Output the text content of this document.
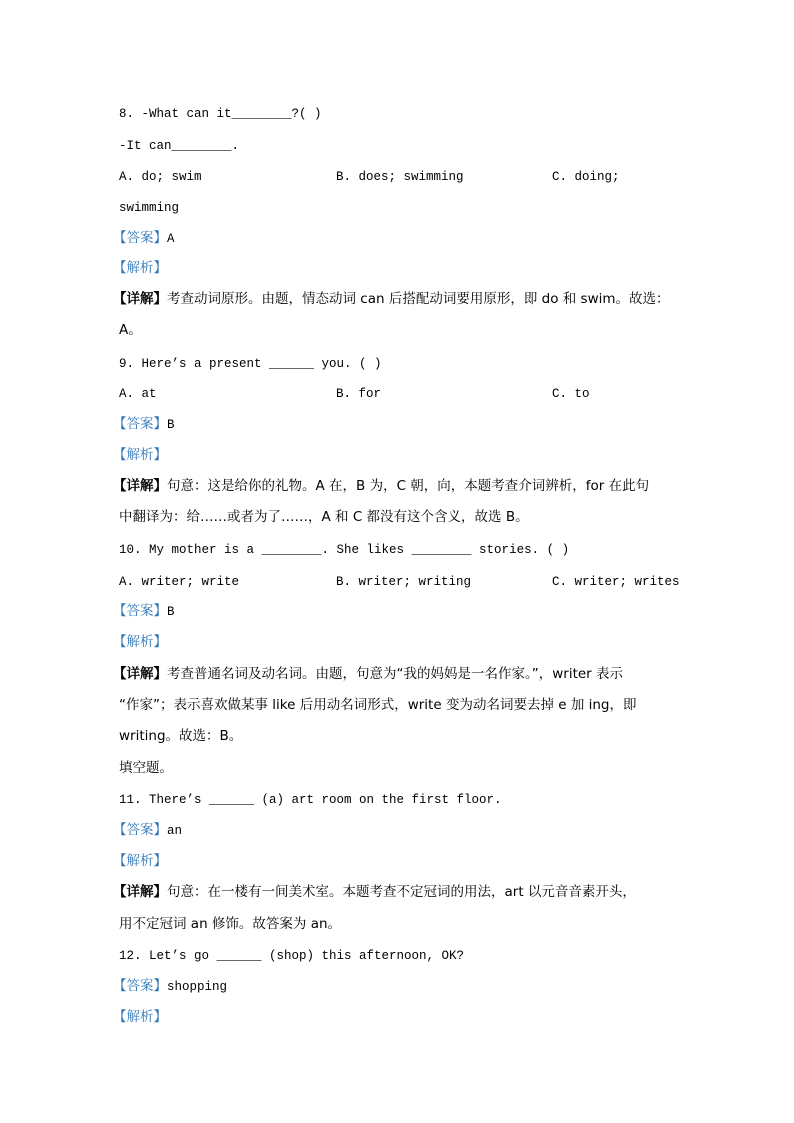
8. -What can it________?( )
-It can________.
A. do; swim	B. does; swimming	C. doing;
swimming
【答案】A
【解析】
【详解】考查动词原形。由题，情态动词 can 后搭配动词要用原形，即 do 和 swim。故选：
A。
9. Here’s a present ______ you. ( )
A. at	B. for	C. to
【答案】B
【解析】
【详解】句意：这是给你的礼物。A 在，B 为，C 朝，向，本题考查介词辨析，for 在此句
中翻译为：给……或者为了……，A 和 C 都没有这个含义，故选 B。
10. My mother is a ________. She likes ________ stories. ( )
A. writer; write	B. writer; writing	C. writer; writes
【答案】B
【解析】
【详解】考查普通名词及动名词。由题，句意为“我的妈妈是一名作家。”，writer 表示
“作家”；表示喜欢做某事 like 后用动名词形式，write 变为动名词要去掉 e 加 ing，即
writing。故选：B。
填空题。
11. There’s ______ (a) art room on the first floor.
【答案】an
【解析】
【详解】句意：在一楼有一间美术室。本题考查不定冠词的用法，art 以元音音素开头，
用不定冠词 an 修饰。故答案为 an。
12. Let’s go ______ (shop) this afternoon, OK?
【答案】shopping
【解析】
